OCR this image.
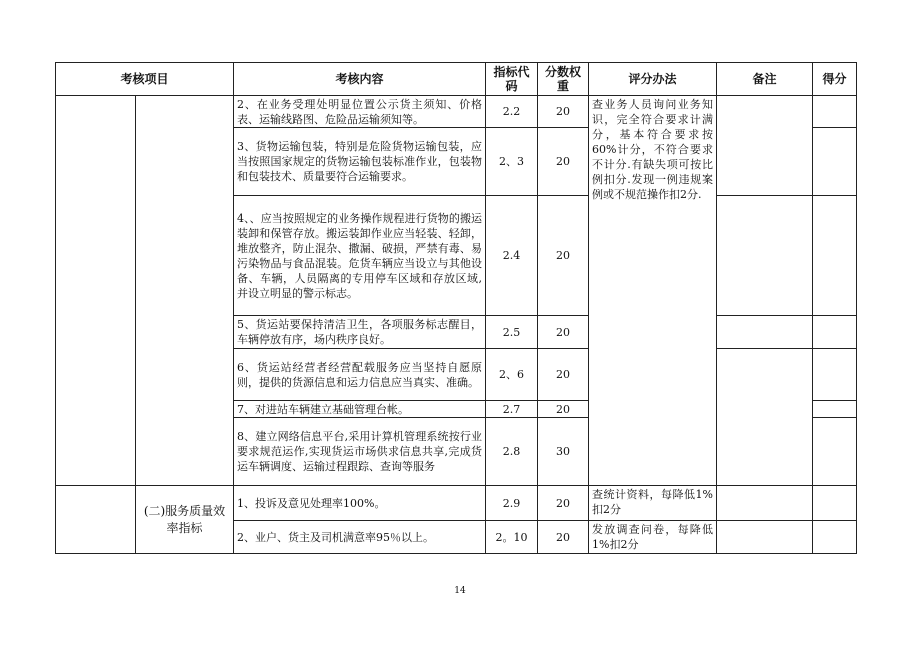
考核项目		考核内容	指标代码	分数权重	评分办法	备注	得分
		2、在业务受理处明显位置公示货主须知、价格表、运输线路图、危险品运输须知等。	2.2	20	查业务人员询问业务知识，完全符合要求计满分，基本符合要求按60%计分，不符合要求不计分.有缺失项可按比例扣分.发现一例违规案例或不规范操作扣2分.		
		3、货物运输包装，特别是危险货物运输包装，应当按照国家规定的货物运输包装标准作业，包装物和包装技术、质量要符合运输要求。	2、3	20			
		4、、应当按照规定的业务操作规程进行货物的搬运装卸和保管存放。搬运装卸作业应当轻装、轻卸，堆放整齐，防止混杂、撒漏、破损，严禁有毒、易污染物品与食品混装。危货车辆应当设立与其他设备、车辆，人员隔离的专用停车区域和存放区域,并设立明显的警示标志。	2.4	20			
		5、货运站要保持清洁卫生，各项服务标志醒目，车辆停放有序，场内秩序良好。	2.5	20			
		6、货运站经营者经营配载服务应当坚持自愿原则，提供的货源信息和运力信息应当真实、准确。	2、6	20			
		7、对进站车辆建立基础管理台帐。	2.7	20			
		8、建立网络信息平台,采用计算机管理系统按行业要求规范运作,实现货运市场供求信息共享,完成货运车辆调度、运输过程跟踪、查询等服务	2.8	30			
	(二)服务质量效率指标	1、投诉及意见处理率100%。	2.9	20	查统计资料，每降低1%扣2分		
		2、业户、货主及司机满意率95％以上。	2。10	20	发放调查问卷，每降低1%扣2分		
14
